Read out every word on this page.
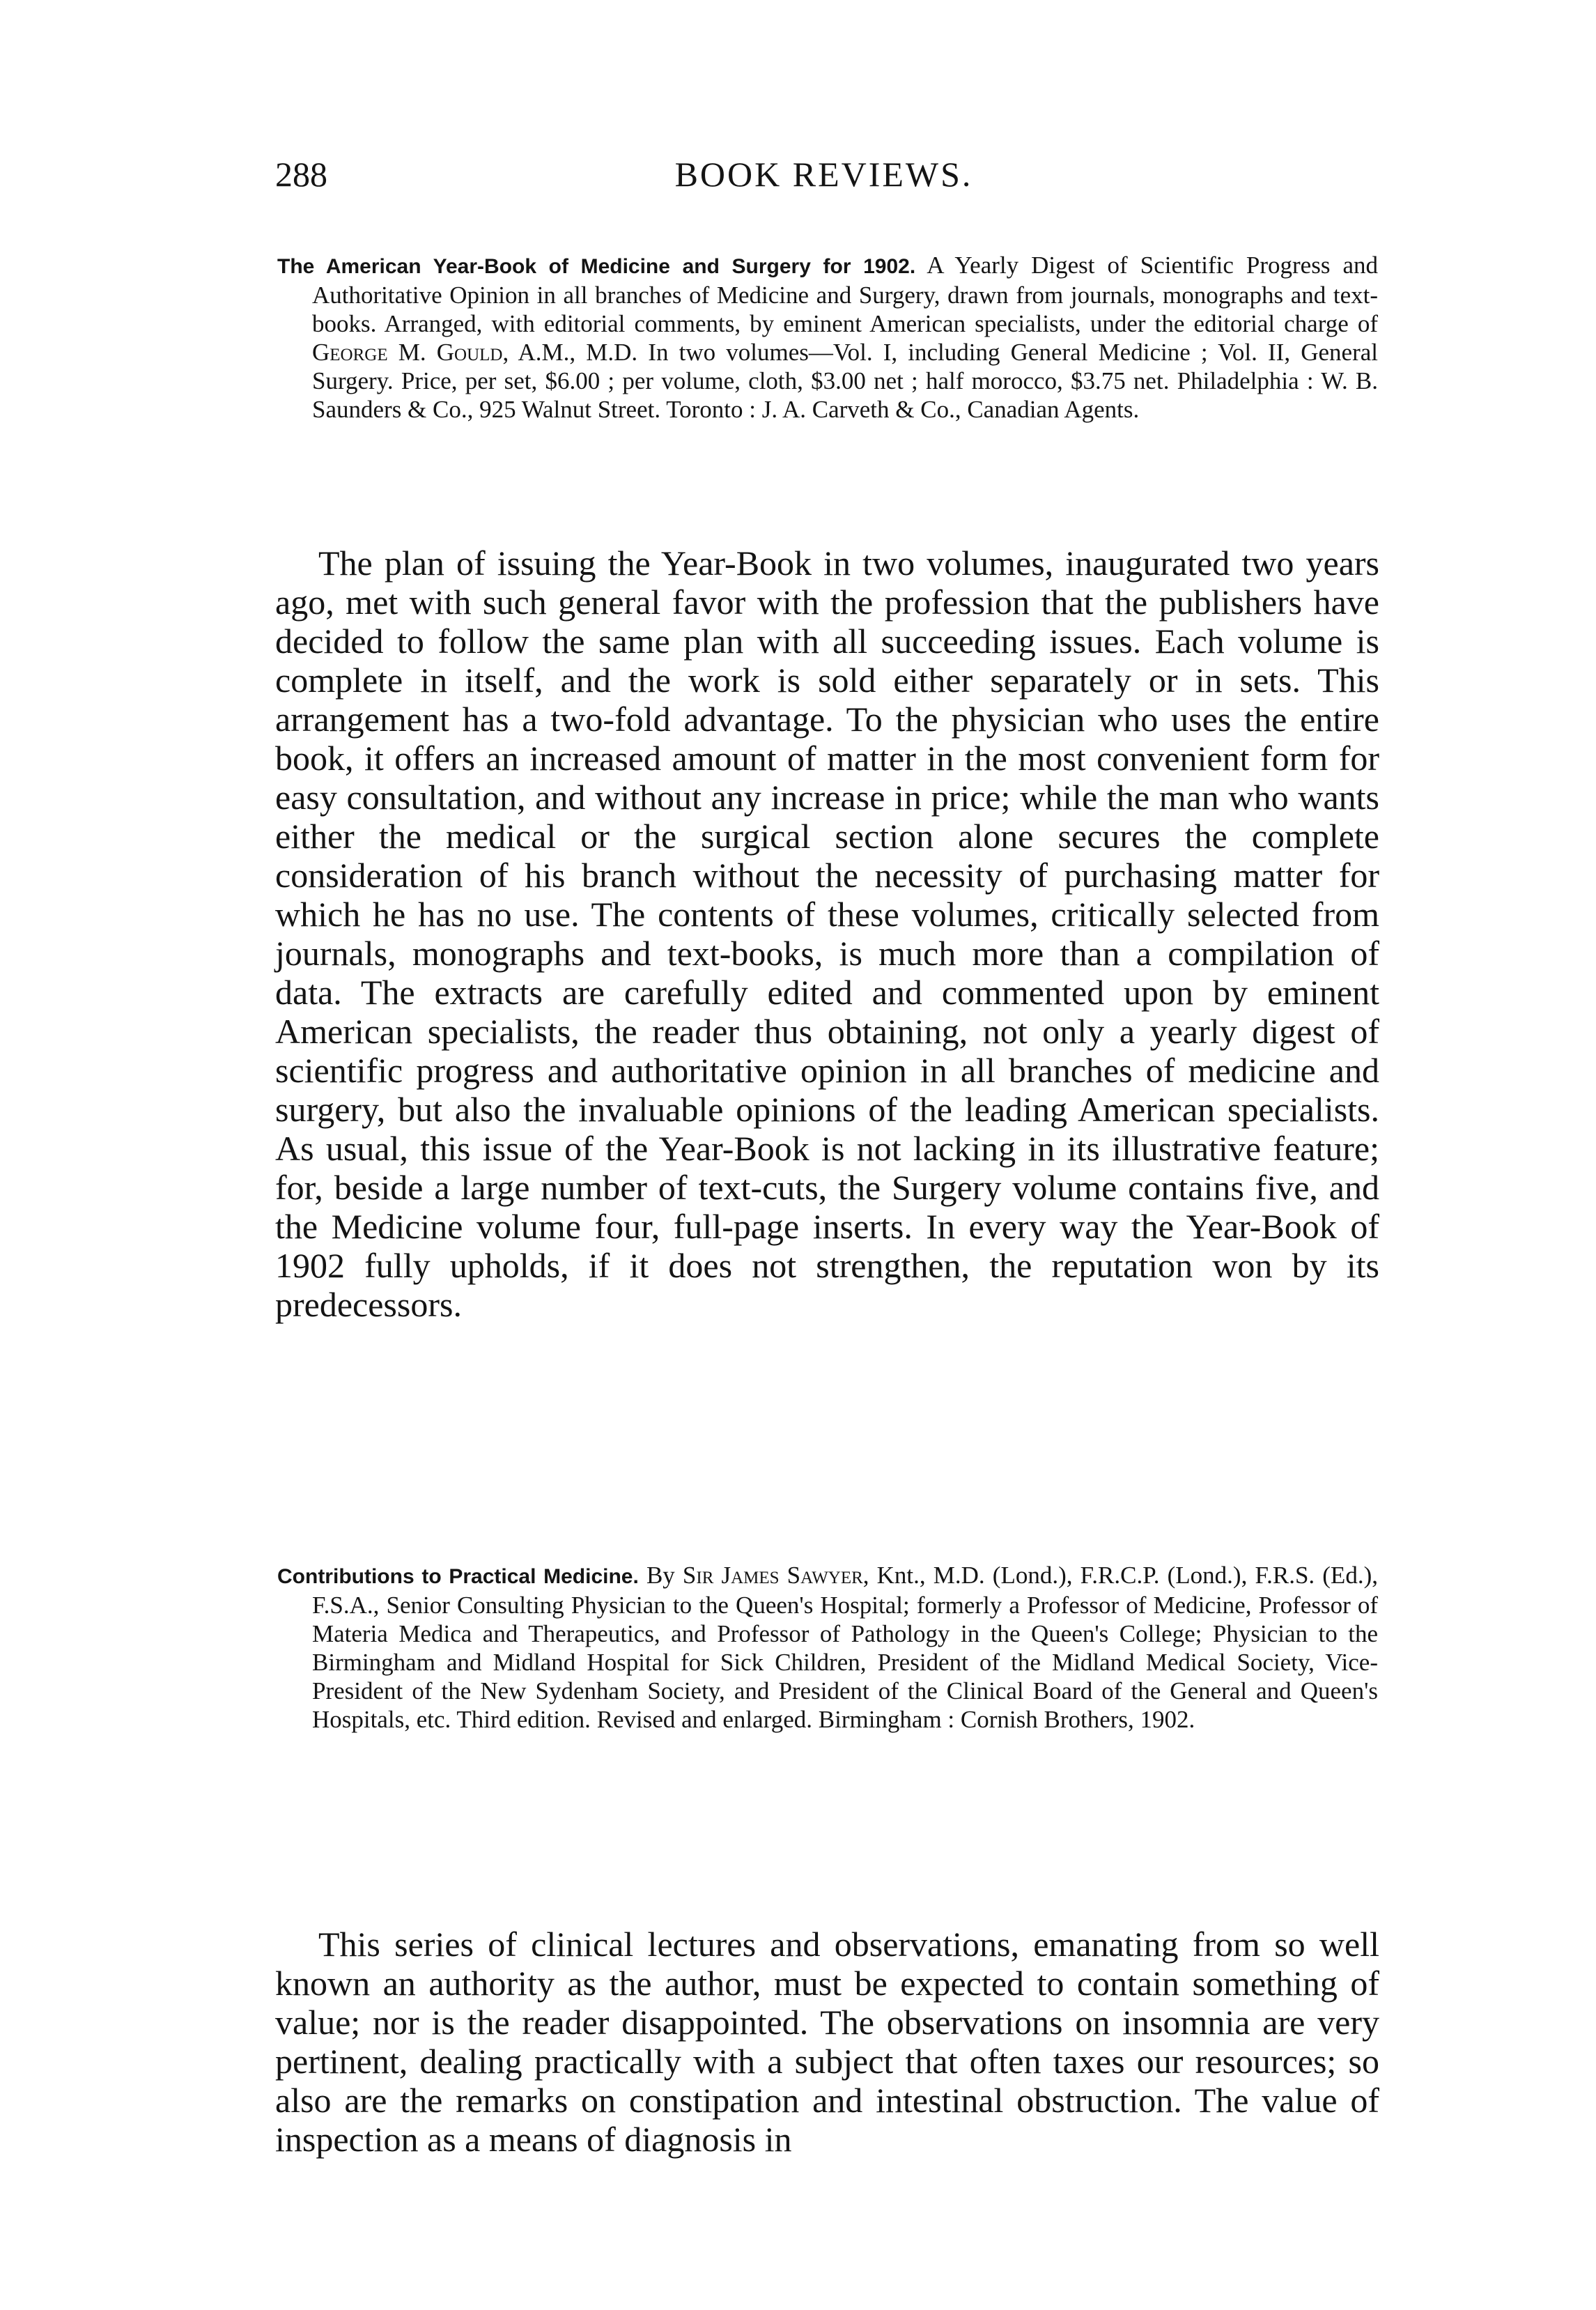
288	BOOK REVIEWS.
The American Year-Book of Medicine and Surgery for 1902. A Yearly Digest of Scientific Progress and Authoritative Opinion in all branches of Medicine and Surgery, drawn from journals, monographs and text-books. Arranged, with editorial comments, by eminent American specialists, under the editorial charge of George M. Gould, A.M., M.D. In two volumes—Vol. I, including General Medicine ; Vol. II, General Surgery. Price, per set, $6.00 ; per volume, cloth, $3.00 net ; half morocco, $3.75 net. Philadelphia : W. B. Saunders & Co., 925 Walnut Street. Toronto : J. A. Carveth & Co., Canadian Agents.

The plan of issuing the Year-Book in two volumes, inaugurated two years ago, met with such general favor with the profession that the publishers have decided to follow the same plan with all succeeding issues. Each volume is complete in itself, and the work is sold either separately or in sets. This arrangement has a two-fold advantage. To the physician who uses the entire book, it offers an increased amount of matter in the most convenient form for easy consultation, and without any increase in price; while the man who wants either the medical or the surgical section alone secures the complete consideration of his branch without the necessity of purchasing matter for which he has no use. The contents of these volumes, critically selected from journals, monographs and text-books, is much more than a compilation of data. The extracts are carefully edited and commented upon by eminent American specialists, the reader thus obtaining, not only a yearly digest of scientific progress and authoritative opinion in all branches of medicine and surgery, but also the invaluable opinions of the leading American specialists. As usual, this issue of the Year-Book is not lacking in its illustrative feature; for, beside a large number of text-cuts, the Surgery volume contains five, and the Medicine volume four, full-page inserts. In every way the Year-Book of 1902 fully upholds, if it does not strengthen, the reputation won by its predecessors.

Contributions to Practical Medicine. By Sir James Sawyer, Knt., M.D. (Lond.), F.R.C.P. (Lond.), F.R.S. (Ed.), F.S.A., Senior Consulting Physician to the Queen's Hospital; formerly a Professor of Medicine, Professor of Materia Medica and Therapeutics, and Professor of Pathology in the Queen's College; Physician to the Birmingham and Midland Hospital for Sick Children, President of the Midland Medical Society, Vice-President of the New Sydenham Society, and President of the Clinical Board of the General and Queen's Hospitals, etc. Third edition. Revised and enlarged. Birmingham : Cornish Brothers, 1902.

This series of clinical lectures and observations, emanating from so well known an authority as the author, must be expected to contain something of value; nor is the reader disappointed. The observations on insomnia are very pertinent, dealing practically with a subject that often taxes our resources; so also are the remarks on constipation and intestinal obstruction. The value of inspection as a means of diagnosis in
